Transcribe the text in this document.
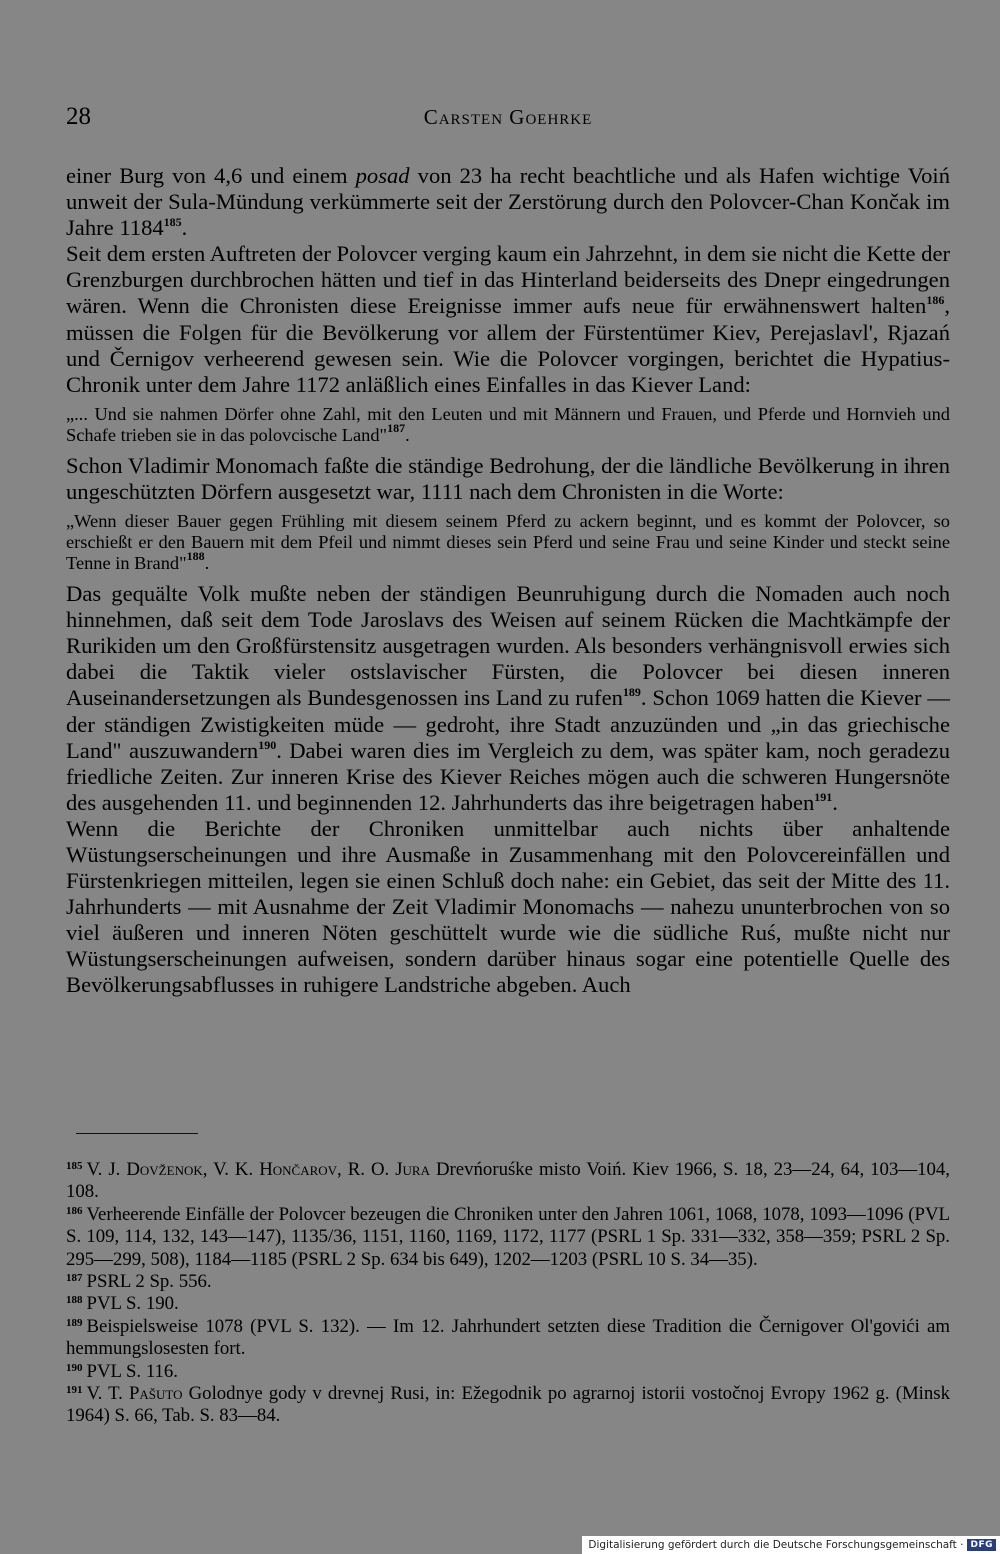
28	Carsten Goehrke

einer Burg von 4,6 und einem posad von 23 ha recht beachtliche und als Hafen wichtige Voiń unweit der Sula-Mündung verkümmerte seit der Zerstörung durch den Polovcer-Chan Končak im Jahre 1184$^{185}$.

Seit dem ersten Auftreten der Polovcer verging kaum ein Jahrzehnt, in dem sie nicht die Kette der Grenzburgen durchbrochen hätten und tief in das Hinterland beiderseits des Dnepr eingedrungen wären. Wenn die Chronisten diese Ereignisse immer aufs neue für erwähnenswert halten$^{186}$, müssen die Folgen für die Bevölkerung vor allem der Fürstentümer Kiev, Perejaslavl', Rjazań und Černigov verheerend gewesen sein. Wie die Polovcer vorgingen, berichtet die Hypatius-Chronik unter dem Jahre 1172 anläßlich eines Einfalles in das Kiever Land:

„... Und sie nahmen Dörfer ohne Zahl, mit den Leuten und mit Männern und Frauen, und Pferde und Hornvieh und Schafe trieben sie in das polovcische Land"$^{187}$.

Schon Vladimir Monomach faßte die ständige Bedrohung, der die ländliche Bevölkerung in ihren ungeschützten Dörfern ausgesetzt war, 1111 nach dem Chronisten in die Worte:

„Wenn dieser Bauer gegen Frühling mit diesem seinem Pferd zu ackern beginnt, und es kommt der Polovcer, so erschießt er den Bauern mit dem Pfeil und nimmt dieses sein Pferd und seine Frau und seine Kinder und steckt seine Tenne in Brand"$^{188}$.

Das gequälte Volk mußte neben der ständigen Beunruhigung durch die Nomaden auch noch hinnehmen, daß seit dem Tode Jaroslavs des Weisen auf seinem Rücken die Machtkämpfe der Rurikiden um den Großfürstensitz ausgetragen wurden. Als besonders verhängnisvoll erwies sich dabei die Taktik vieler ostslavischer Fürsten, die Polovcer bei diesen inneren Auseinandersetzungen als Bundesgenossen ins Land zu rufen$^{189}$. Schon 1069 hatten die Kiever — der ständigen Zwistigkeiten müde — gedroht, ihre Stadt anzuzünden und „in das griechische Land" auszuwandern$^{190}$. Dabei waren dies im Vergleich zu dem, was später kam, noch geradezu friedliche Zeiten. Zur inneren Krise des Kiever Reiches mögen auch die schweren Hungersnöte des ausgehenden 11. und beginnenden 12. Jahrhunderts das ihre beigetragen haben$^{191}$.

Wenn die Berichte der Chroniken unmittelbar auch nichts über anhaltende Wüstungserscheinungen und ihre Ausmaße in Zusammenhang mit den Polovcereinfällen und Fürstenkriegen mitteilen, legen sie einen Schluß doch nahe: ein Gebiet, das seit der Mitte des 11. Jahrhunderts — mit Ausnahme der Zeit Vladimir Monomachs — nahezu ununterbrochen von so viel äußeren und inneren Nöten geschüttelt wurde wie die südliche Ruś, mußte nicht nur Wüstungserscheinungen aufweisen, sondern darüber hinaus sogar eine potentielle Quelle des Bevölkerungsabflusses in ruhigere Landstriche abgeben. Auch

$^{185}$ V. J. Dovženok, V. K. Hončarov, R. O. Jura Drevńoruśke misto Voiń. Kiev 1966, S. 18, 23—24, 64, 103—104, 108.

$^{186}$ Verheerende Einfälle der Polovcer bezeugen die Chroniken unter den Jahren 1061, 1068, 1078, 1093—1096 (PVL S. 109, 114, 132, 143—147), 1135/36, 1151, 1160, 1169, 1172, 1177 (PSRL 1 Sp. 331—332, 358—359; PSRL 2 Sp. 295—299, 508), 1184—1185 (PSRL 2 Sp. 634 bis 649), 1202—1203 (PSRL 10 S. 34—35).

$^{187}$ PSRL 2 Sp. 556.

$^{188}$ PVL S. 190.

$^{189}$ Beispielsweise 1078 (PVL S. 132). — Im 12. Jahrhundert setzten diese Tradition die Černigover Ol'govići am hemmungslosesten fort.

$^{190}$ PVL S. 116.

$^{191}$ V. T. Pašuto Golodnye gody v drevnej Rusi, in: Ežegodnik po agrarnoj istorii vostočnoj Evropy 1962 g. (Minsk 1964) S. 66, Tab. S. 83—84.

Digitalisierung gefördert durch die Deutsche Forschungsgemeinschaft · DFG
